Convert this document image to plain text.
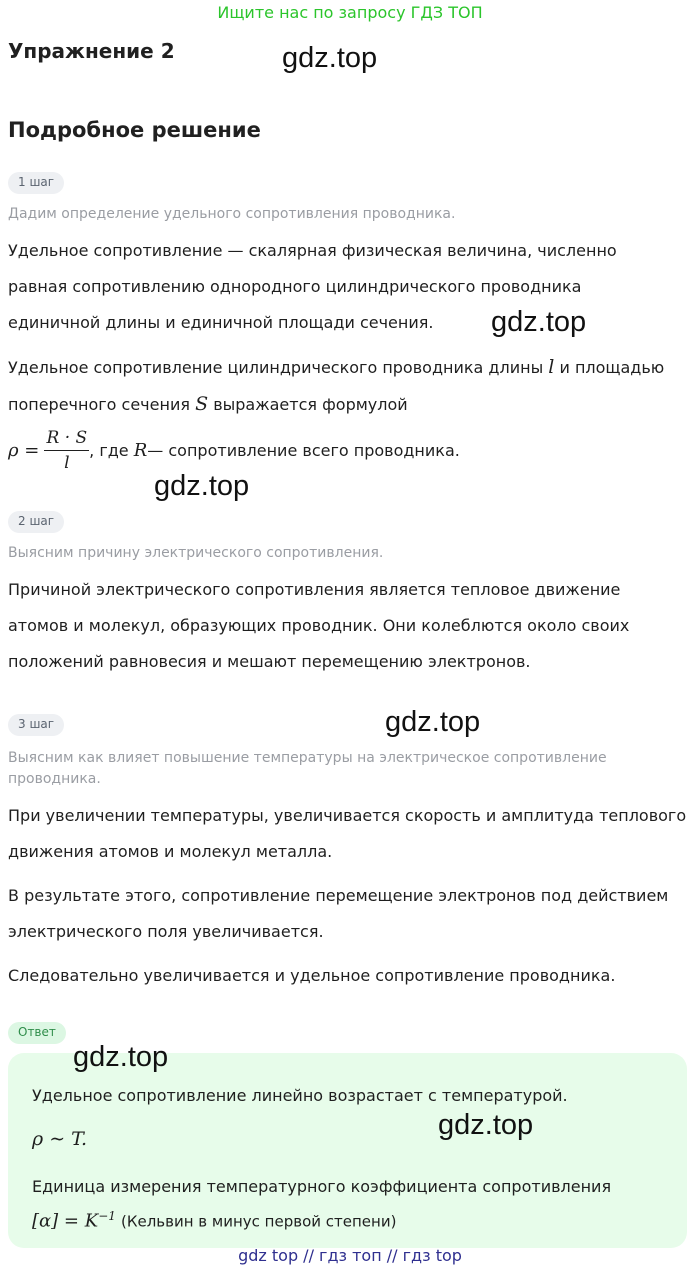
Ищите нас по запросу ГДЗ ТОП
Упражнение 2	gdz.top
Подробное решение
1 шаг
Дадим определение удельного сопротивления проводника.
Удельное сопротивление — скалярная физическая величина, численно
равная сопротивлению однородного цилиндрического проводника
единичной длины и единичной площади сечения. gdz.top
Удельное сопротивление цилиндрического проводника длины l и площадью
поперечного сечения S выражается формулой
$\rho = \frac{R \cdot S}{l}$ , где R— сопротивление всего проводника.
gdz.top
2 шаг
Выясним причину электрического сопротивления.
Причиной электрического сопротивления является тепловое движение
атомов и молекул, образующих проводник. Они колеблются около своих
положений равновесия и мешают перемещению электронов.
3 шаг	gdz.top
Выясним как влияет повышение температуры на электрическое сопротивление проводника.
При увеличении температуры, увеличивается скорость и амплитуда теплового
движения атомов и молекул металла.
В результате этого, сопротивление перемещение электронов под действием
электрического поля увеличивается.
Следовательно увеличивается и удельное сопротивление проводника.
Ответ
gdz.top
Удельное сопротивление линейно возрастает с температурой.
ρ ∼ T.	gdz.top
Единица измерения температурного коэффициента сопротивления
$[\alpha] = K^{-1}$ (Кельвин в минус первой степени)
gdz top // гдз топ // гдз top
